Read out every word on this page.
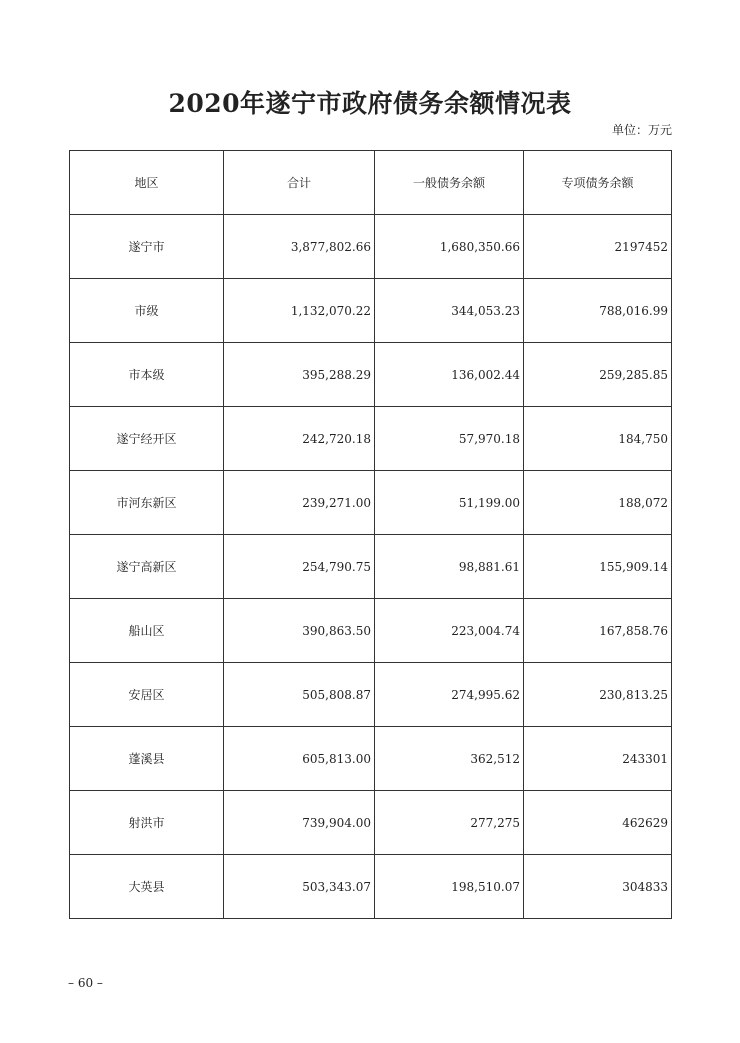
2020年遂宁市政府债务余额情况表
单位：万元
地区	合计	一般债务余额	专项债务余额
遂宁市	3,877,802.66	1,680,350.66	2197452
市级	1,132,070.22	344,053.23	788,016.99
市本级	395,288.29	136,002.44	259,285.85
遂宁经开区	242,720.18	57,970.18	184,750
市河东新区	239,271.00	51,199.00	188,072
遂宁高新区	254,790.75	98,881.61	155,909.14
船山区	390,863.50	223,004.74	167,858.76
安居区	505,808.87	274,995.62	230,813.25
蓬溪县	605,813.00	362,512	243301
射洪市	739,904.00	277,275	462629
大英县	503,343.07	198,510.07	304833
– 60 –
